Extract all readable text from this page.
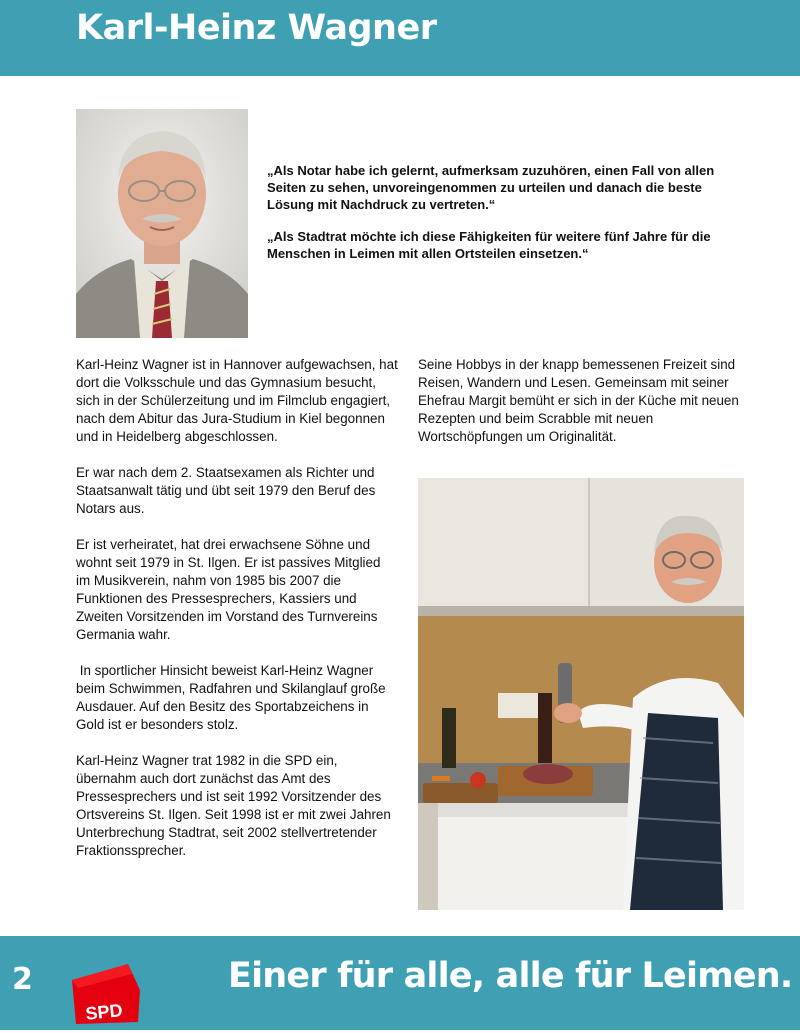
Karl-Heinz Wagner

„Als Notar habe ich gelernt, aufmerksam zuzuhören, einen Fall von allen Seiten zu sehen, unvoreingenommen zu urteilen und danach die beste Lösung mit Nachdruck zu vertreten.“

„Als Stadtrat möchte ich diese Fähigkeiten für weitere fünf Jahre für die Menschen in Leimen mit allen Ortsteilen einsetzen.“

Karl-Heinz Wagner ist in Hannover aufgewachsen, hat dort die Volksschule und das Gymnasium besucht, sich in der Schülerzeitung und im Filmclub engagiert, nach dem Abitur das Jura-Studium in Kiel begonnen und in Heidelberg abgeschlossen.

Er war nach dem 2. Staatsexamen als Richter und Staatsanwalt tätig und übt seit 1979 den Beruf des Notars aus.

Er ist verheiratet, hat drei erwachsene Söhne und wohnt seit 1979 in St. Ilgen. Er ist passives Mitglied im Musikverein, nahm von 1985 bis 2007 die Funktionen des Pressesprechers, Kassiers und Zweiten Vorsitzenden im Vorstand des Turnvereins Germania wahr.

In sportlicher Hinsicht beweist Karl-Heinz Wagner beim Schwimmen, Radfahren und Skilanglauf große Ausdauer. Auf den Besitz des Sportabzeichens in Gold ist er besonders stolz.

Karl-Heinz Wagner trat 1982 in die SPD ein, übernahm auch dort zunächst das Amt des Pressesprechers und ist seit 1992 Vorsitzender des Ortsvereins St. Ilgen. Seit 1998 ist er mit zwei Jahren Unterbrechung Stadtrat, seit 2002 stellvertretender Fraktionssprecher.

Seine Hobbys in der knapp bemessenen Freizeit sind Reisen, Wandern und Lesen. Gemeinsam mit seiner Ehefrau Margit bemüht er sich in der Küche mit neuen Rezepten und beim Scrabble mit neuen Wortschöpfungen um Originalität.

2
SPD
Einer für alle, alle für Leimen.
